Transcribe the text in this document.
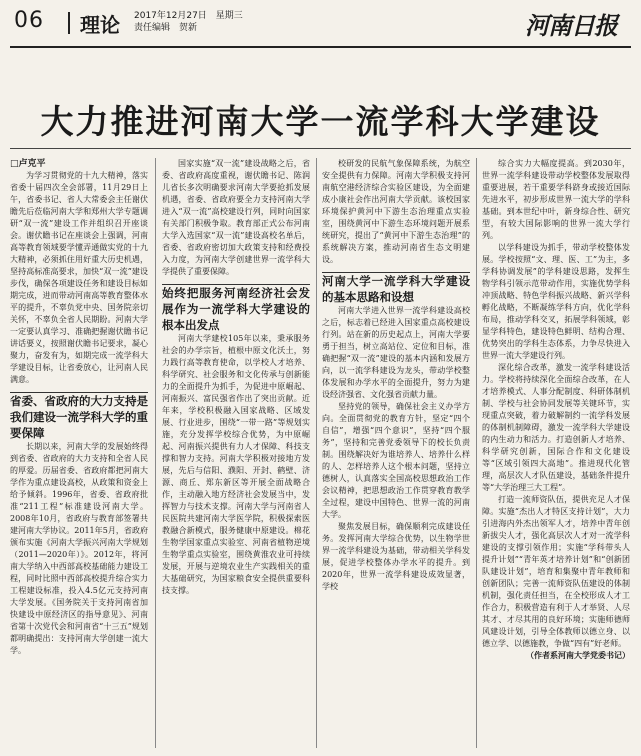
06 理论 2017年12月27日　星期三
责任编辑　贺新	河南日报
大力推进河南大学一流学科大学建设

□卢克平

为学习贯彻党的十九大精神，落实省委十届四次全会部署，11月29日上午，省委书记、省人大常委会主任谢伏瞻先后莅临河南大学和郑州大学专题调研“双一流”建设工作并组织召开座谈会。谢伏瞻书记在座谈会上强调，河南高等教育领域要学懂弄通做实党的十九大精神，必须抓住用好重大历史机遇，坚持高标准高要求，加快“双一流”建设步伐，确保各项建设任务和建设目标如期完成，进而带动河南高等教育整体水平的提升，不辜负党中央、国务院亲切关怀，不辜负全省人民期盼。河南大学一定要认真学习、准确把握谢伏瞻书记讲话要义，按照谢伏瞻书记要求，凝心聚力，奋发有为，如期完成一流学科大学建设目标，让省委放心，让河南人民满意。

省委、省政府的大力支持是我们建设一流学科大学的重要保障

长期以来，河南大学的发展始终得到省委、省政府的大力支持和全省人民的厚爱。历届省委、省政府都把河南大学作为重点建设高校，从政策和资金上给予倾斜。1996年，省委、省政府批准“211工程”标准建设河南大学。2008年10月，省政府与教育部签署共建河南大学协议。2011年5月，省政府颁布实施《河南大学振兴河南大学规划（2011—2020年）》。2012年，将河南大学纳入中西部高校基础能力建设工程，同时比照中西部高校提升综合实力工程建设标准，投入4.5亿元支持河南大学发展。《国务院关于支持河南省加快建设中原经济区的指导意见》、河南省第十次党代会和河南省“十三五”规划都明确提出：支持河南大学创建一流大学。

国家实施“双一流”建设战略之后，省委、省政府高度重视，谢伏瞻书记、陈润儿省长多次明确要求河南大学要抢抓发展机遇，省委、省政府要全力支持河南大学进入“双一流”高校建设行列，同时向国家有关部门积极争取。教育部正式公布河南大学入选国家“双一流”建设高校名单后，省委、省政府密切加大政策支持和经费投入力度，为河南大学创建世界一流学科大学提供了重要保障。

始终把服务河南经济社会发展作为一流学科大学建设的根本出发点

河南大学建校105年以来，秉承服务社会的办学宗旨，植根中原文化沃土，努力践行高等教育使命，以学校人才培养、科学研究、社会服务和文化传承与创新能力的全面提升为抓手，为促进中原崛起、河南振兴、富民强省作出了突出贡献。近年来，学校积极融入国家战略、区域发展、行业进步，围绕“一带一路”等规划实施，充分发挥学校综合优势，为中原崛起、河南振兴提供有力人才保障、科技支撑和智力支持。河南大学积极对接地方发展，先后与信阳、濮阳、开封、鹤壁、济源、商丘、郑东新区等开展全面战略合作，主动融入地方经济社会发展当中，发挥智力与技术支撑。河南大学与河南省人民医院共建河南大学医学院，积极探索医教融合新模式，服务健康中原建设。棉花生物学国家重点实验室、河南省植物逆境生物学重点实验室，围绕黄淮农业可持续发展，开展与逆境农业生产实践相关的重大基础研究，为国家粮食安全提供重要科技支撑。

校研发的民航气象保障系统，为航空安全提供有力保障。河南大学积极支持河南航空港经济综合实验区建设，为全面建成小康社会作出河南大学贡献。该校国家环境保护黄河中下游生态治理重点实验室，围绕黄河中下游生态环境问题开展系统研究，提出了“黄河中下游生态治理”的系统解决方案，推动河南省生态文明建设。

河南大学一流学科大学建设的基本思路和设想

河南大学进入世界一流学科建设高校之后，标志着已经进入国家重点高校建设行列。站在新的历史起点上，河南大学要勇于担当，树立高站位、定位和目标，准确把握“双一流”建设的基本内涵和发展方向，以一流学科建设为龙头，带动学校整体发展和办学水平的全面提升，努力为建设经济强省、文化强省贡献力量。

坚持党的领导，确保社会主义办学方向。全面贯彻党的教育方针，坚定“四个自信”，增强“四个意识”，坚持“四个服务”，坚持和完善党委领导下的校长负责制。围绕解决好为谁培养人、培养什么样的人、怎样培养人这个根本问题，坚持立德树人，认真落实全国高校思想政治工作会议精神，把思想政治工作贯穿教育教学全过程，建设中国特色、世界一流的河南大学。

聚焦发展目标，确保顺利完成建设任务。发挥河南大学综合优势，以生物学世界一流学科建设为基础，带动相关学科发展，促进学校整体办学水平的提升。到2020年，世界一流学科建设成效显著，学校

综合实力大幅度提高。到2030年，世界一流学科建设带动学校整体发展取得重要进展，若干重要学科跻身或接近国际先进水平，初步形成世界一流大学的学科基础。到本世纪中叶，新身综合性、研究型，有较大国际影响的世界一流大学行列。

以学科建设为抓手，带动学校整体发展。学校按照“文、理、医、工”为主，多学科协调发展”的学科建设思路，发挥生物学科引领示范带动作用，实施优势学科冲顶战略、特色学科振兴战略、新兴学科孵化战略，不断凝练学科方向，优化学科布局，推动学科交叉，拓展学科领域，彰显学科特色，建设特色鲜明、结构合理、优势突出的学科生态体系，力争尽快进入世界一流大学建设行列。

深化综合改革，激发一流学科建设活力。学校将持续深化全面综合改革，在人才培养模式、人事分配制度、科研体制机制、学校与社会协同发展等关键环节，实现重点突破，着力破解制约一流学科发展的体制机制障碍，激发一流学科大学建设的内生动力和活力。打造创新人才培养、科学研究创新，国际合作和文化建设等“区域引领四大高地”。推进现代化管理，高层次人才队伍建设，基础条件提升等“大学治理三大工程”。

打造一流师资队伍，提供充足人才保障。实施“杰出人才特区支持计划”，大力引进海内外杰出领军人才，培养中青年创新拔尖人才，强化高层次人才对一流学科建设的支撑引领作用；实施“学科带头人提升计划”“青年英才培养计划”和“创新团队建设计划”，培育和集聚中青年教师和创新团队；完善一流师资队伍建设的体制机制，强化责任担当，在全校形成人才工作合力，积极营造有利于人才举贤、人尽其才、才尽其用的良好环境；实施师德师风建设计划，引导全体教师以德立身、以德立学、以德施教，争做“四有”好老师。

（作者系河南大学党委书记）
